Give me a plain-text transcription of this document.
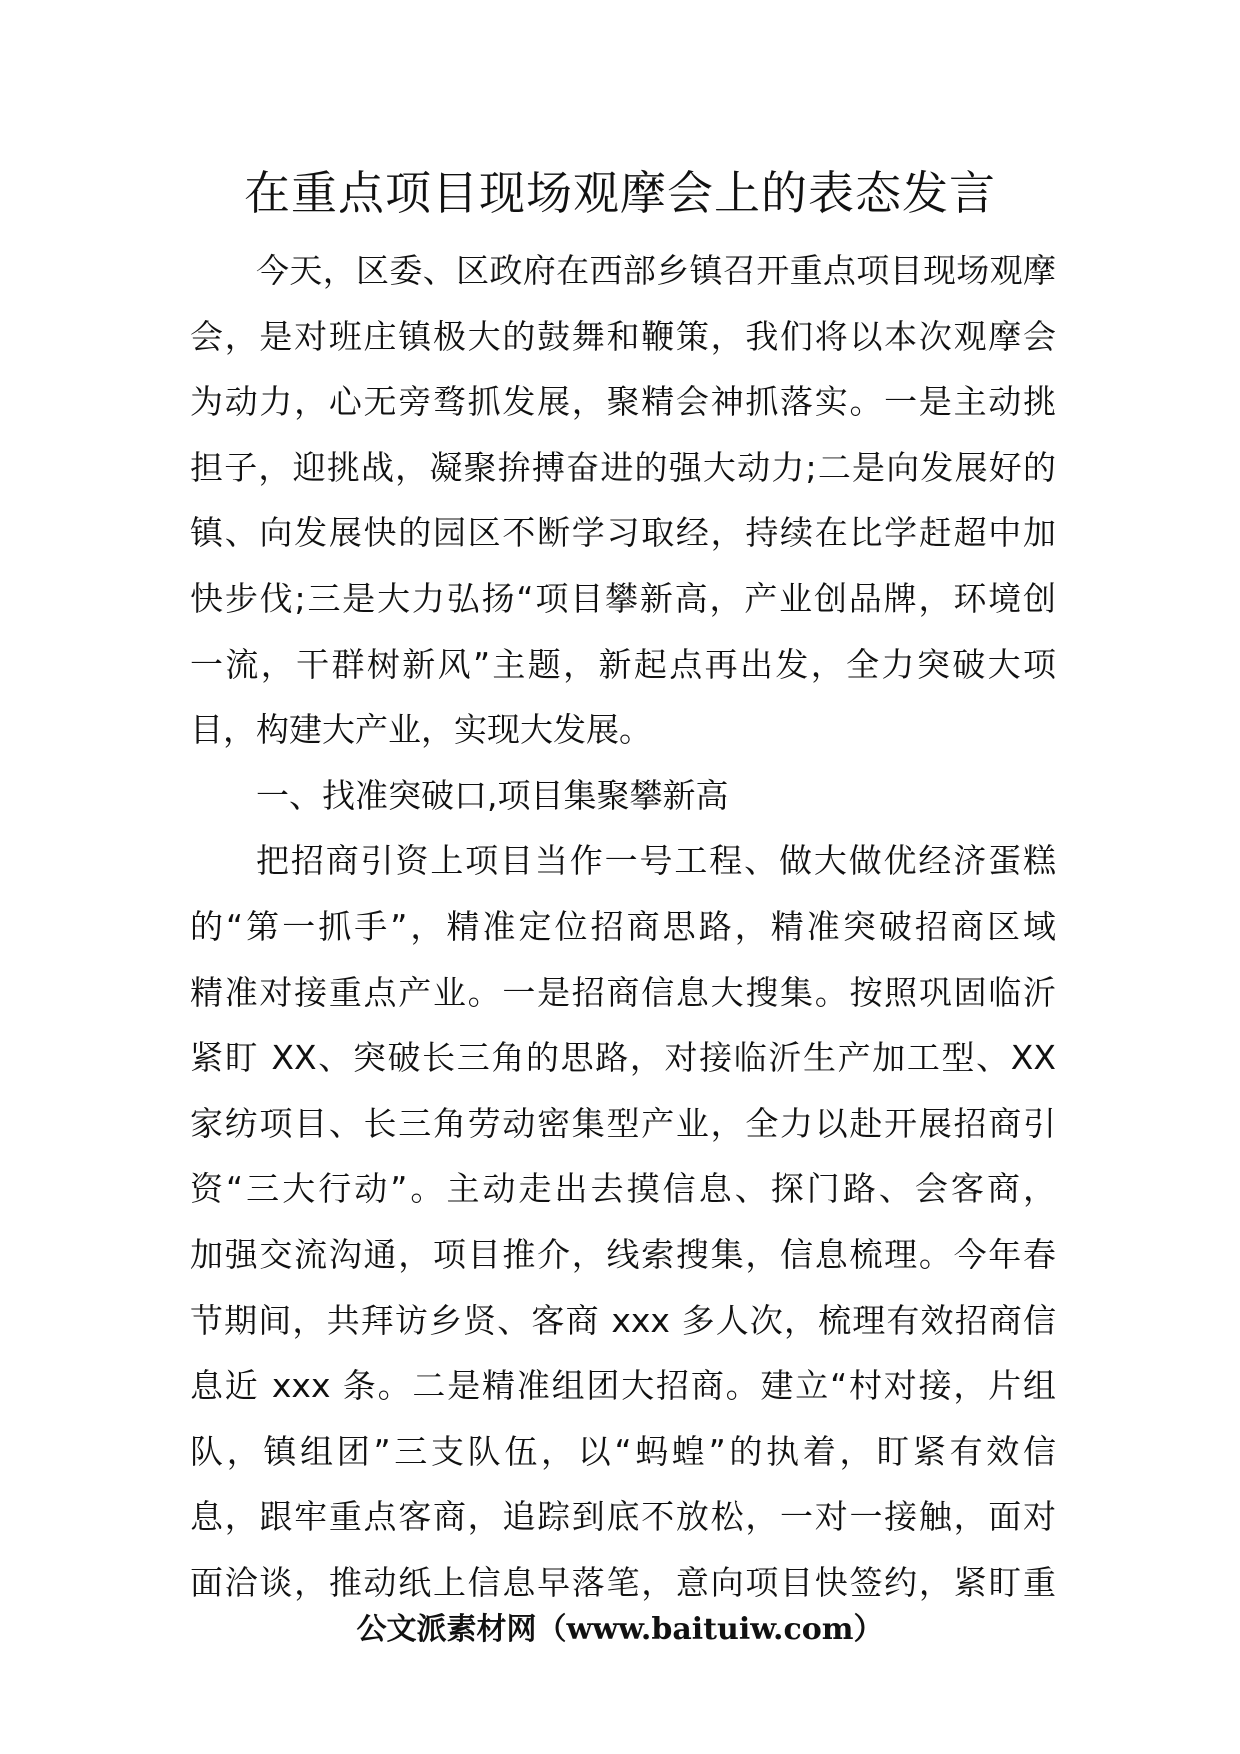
在重点项目现场观摩会上的表态发言
今天，区委、区政府在西部乡镇召开重点项目现场观摩
会，是对班庄镇极大的鼓舞和鞭策，我们将以本次观摩会
为动力，心无旁骛抓发展，聚精会神抓落实。一是主动挑
担子，迎挑战，凝聚拚搏奋进的强大动力;二是向发展好的
镇、向发展快的园区不断学习取经，持续在比学赶超中加
快步伐;三是大力弘扬“项目攀新高，产业创品牌，环境创
一流，干群树新风”主题，新起点再出发，全力突破大项
目，构建大产业，实现大发展。
一、找准突破口,项目集聚攀新高
把招商引资上项目当作一号工程、做大做优经济蛋糕
的“第一抓手”，精准定位招商思路，精准突破招商区域
精准对接重点产业。一是招商信息大搜集。按照巩固临沂
紧盯 XX、突破长三角的思路，对接临沂生产加工型、XX
家纺项目、长三角劳动密集型产业，全力以赴开展招商引
资“三大行动”。主动走出去摸信息、探门路、会客商，
加强交流沟通，项目推介，线索搜集，信息梳理。今年春
节期间，共拜访乡贤、客商 xxx 多人次，梳理有效招商信
息近 xxx 条。二是精准组团大招商。建立“村对接，片组
队，镇组团”三支队伍，以“蚂蝗”的执着，盯紧有效信
息，跟牢重点客商，追踪到底不放松，一对一接触，面对
面洽谈，推动纸上信息早落笔，意向项目快签约，紧盯重
公文派素材网（www.baituiw.com）
